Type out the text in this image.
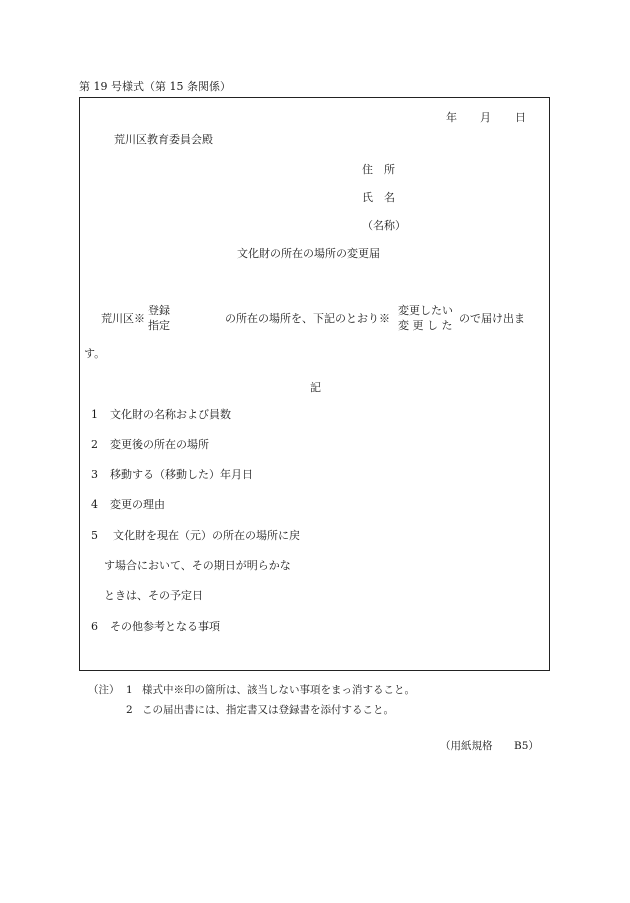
第 19 号様式（第 15 条関係）
年 月 日
荒川区教育委員会殿
住　所
氏　名
（名称）
文化財の所在の場所の変更届
荒川区※
登録
指定
の所在の場所を、下記のとおり※
変更したい
変 更 し た
ので届け出ま
す。
記
1 文化財の名称および員数
2 変更後の所在の場所
3 移動する（移動した）年月日
4 変更の理由
5 文化財を現在（元）の所在の場所に戻
す場合において、その期日が明らかな
ときは、その予定日
6 その他参考となる事項
（注） 1 様式中※印の箇所は、該当しない事項をまっ消すること。
2 この届出書には、指定書又は登録書を添付すること。
（用紙規格 B5）
